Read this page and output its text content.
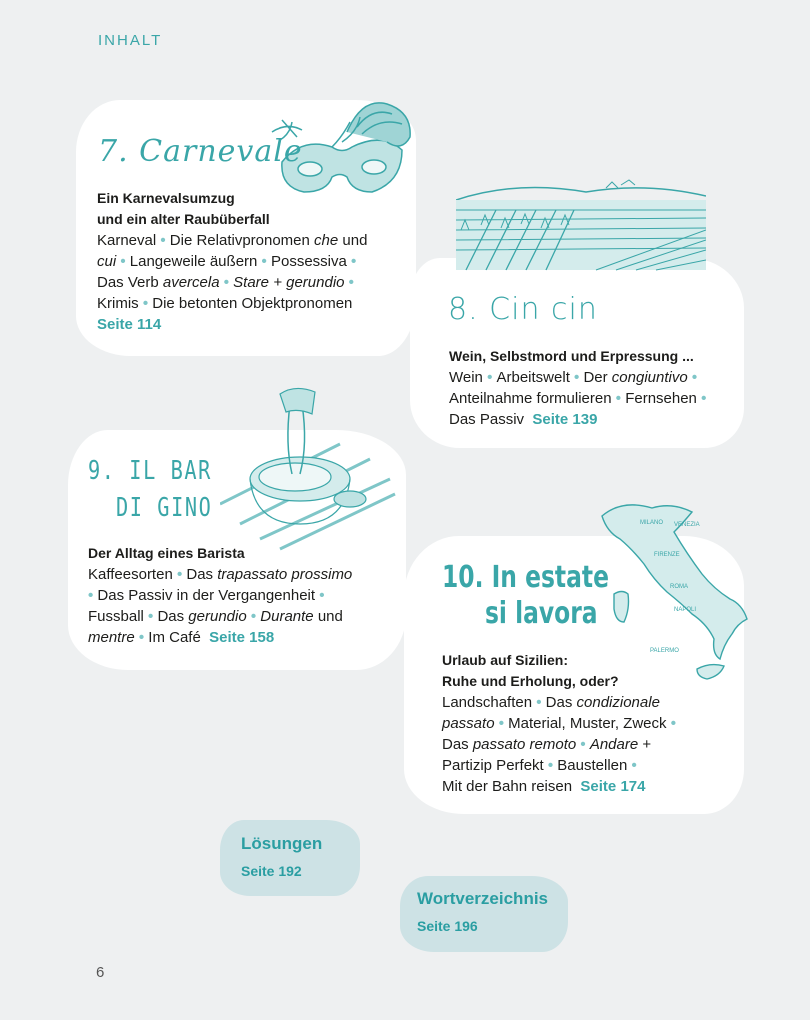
INHALT
MILANO VENEZIA
FIRENZE
ROMA
NAPOLI
PALERMO
7. Carnevale
Ein Karnevalsumzug
und ein alter Raubüberfall
Karneval • Die Relativpronomen che und
cui • Langeweile äußern • Possessiva •
Das Verb avercela • Stare + gerundio •
Krimis • Die betonten Objektpronomen
Seite 114	8. Cin cin
Wein, Selbstmord und Erpressung ...
Wein • Arbeitswelt • Der congiuntivo •
Anteilnahme formulieren • Fernsehen •
Das Passiv Seite 139
9. IL BAR
DI GINO
Der Alltag eines Barista
Kaffeesorten • Das trapassato prossimo
• Das Passiv in der Vergangenheit •
Fussball • Das gerundio • Durante und
mentre • Im Café Seite 158
10. In estate
si lavora
Urlaub auf Sizilien:
Ruhe und Erholung, oder?
Landschaften • Das condizionale
passato • Material, Muster, Zweck •
Das passato remoto • Andare +
Partizip Perfekt • Baustellen •
Mit der Bahn reisen Seite 174
Lösungen
Seite 192
Wortverzeichnis
Seite 196
6
